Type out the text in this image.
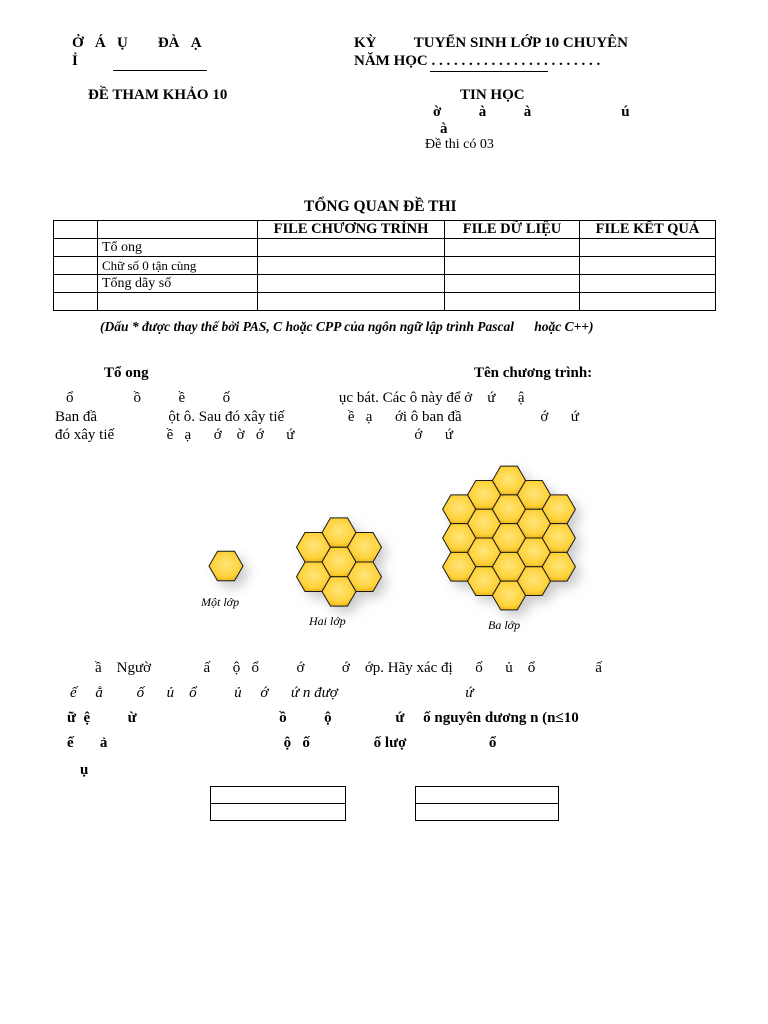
Ở   Á   Ụ        ĐÀ   Ạ
Ỉ
KỲ          TUYỂN SINH LỚP 10 CHUYÊN
NĂM HỌC . . . . . . . . . . . . . . . . . . . . . . .
ĐỀ THAM KHẢO 10	TIN HỌC
ờ          à          à                        ú
à
Đề thi có 03
TỔNG QUAN ĐỀ THI
		FILE CHƯƠNG TRÌNH	FILE DỮ LIỆU	FILE KẾT QUẢ
	Tổ ong			
	Chữ số 0 tận cùng			
	Tổng dãy số			

(Dấu * được thay thế bởi PAS, C hoặc CPP của ngôn ngữ lập trình Pascal      hoặc C++)
Tổ ong	Tên chương trình:
ổ                ồ          ề          ố                             ục bát. Các ô này để ở    ứ      ậ
Ban đầ                   ột ô. Sau đó xây tiế                 ề   ạ      ới ô ban đầ                     ớ      ứ
đó xây tiế              ề   ạ      ớ    ờ   ớ      ứ                                ớ      ứ
Một lớp
Hai lớp	Ba lớp
ầ    Ngườ              ấ      ộ   ổ          ớ          ớ    ớp. Hãy xác đị      ố      ủ    ổ                ấ
ế     ằ         ố      ủ    ổ          ủ     ớ      ứ n đượ                                  ứ
ữ  ệ          ừ                                      ồ          ộ                 ứ     ố nguyên dương n (n≤10
ế       ả                                               ộ   ố                 ố lượ                      ổ
ụ
